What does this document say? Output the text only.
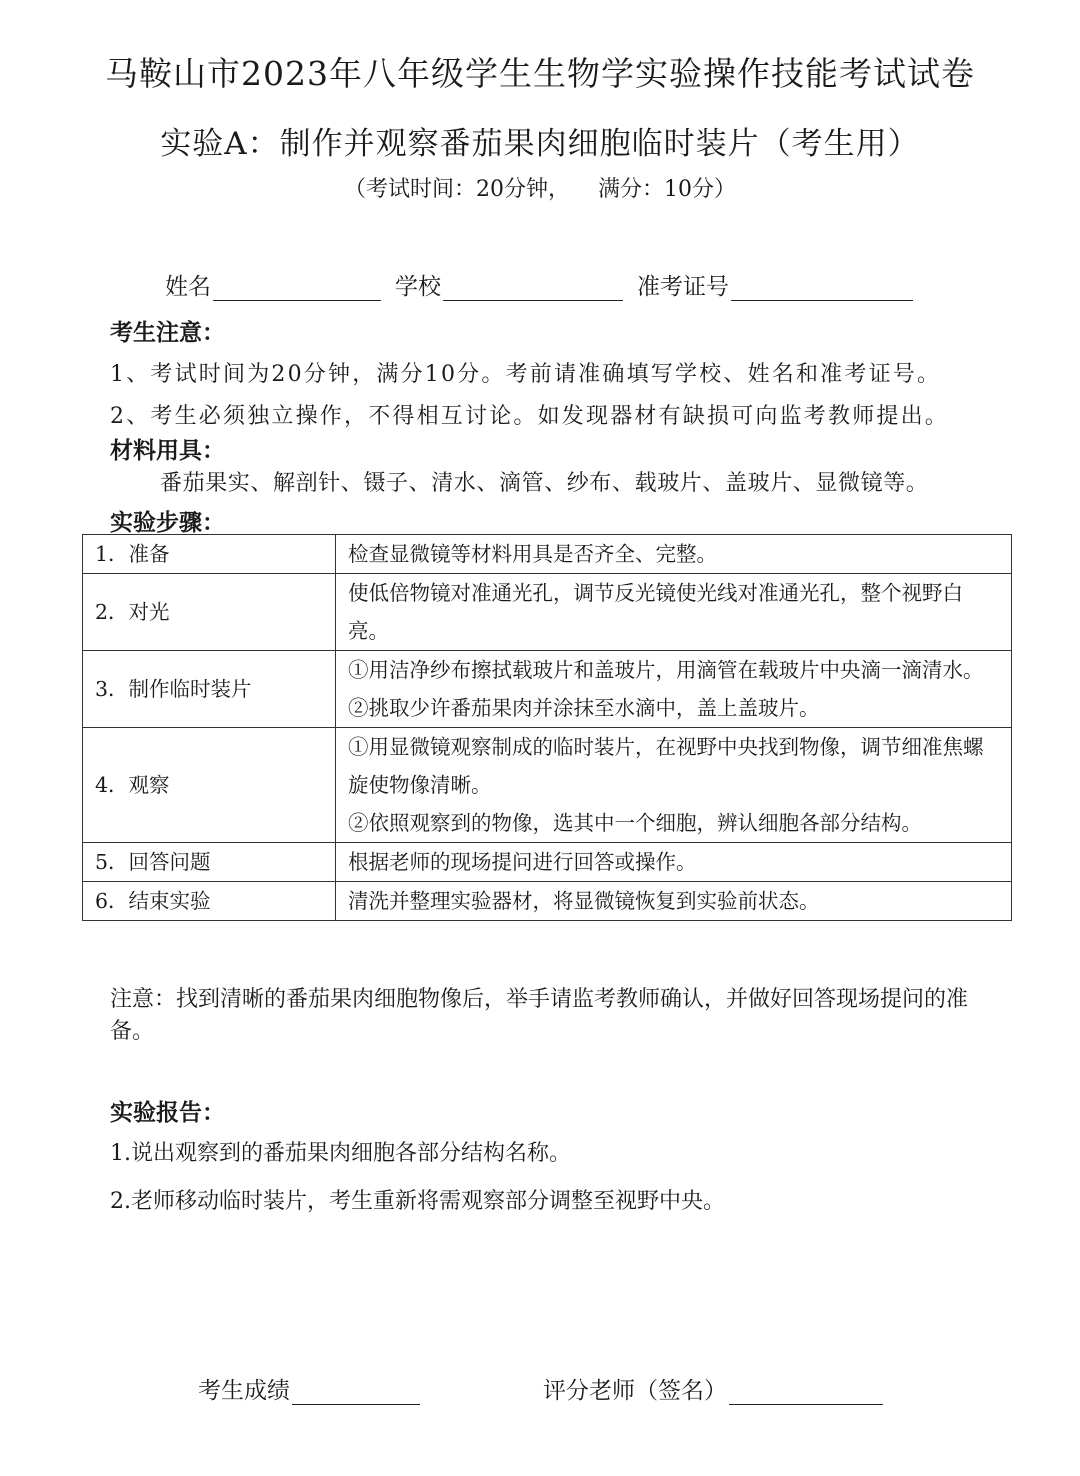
马鞍山市2023年八年级学生生物学实验操作技能考试试卷
实验A：制作并观察番茄果肉细胞临时装片（考生用）
（考试时间：20分钟，    满分：10分）
姓名	学校	准考证号
考生注意：
1、考试时间为20分钟，满分10分。考前请准确填写学校、姓名和准考证号。
2、考生必须独立操作，不得相互讨论。如发现器材有缺损可向监考教师提出。
材料用具：
番茄果实、解剖针、镊子、清水、滴管、纱布、载玻片、盖玻片、显微镜等。
实验步骤：
1．准备	检查显微镜等材料用具是否齐全、完整。

2．对光	使低倍物镜对准通光孔，调节反光镜使光线对准通光孔，整个视野白亮。

3．制作临时装片	①用洁净纱布擦拭载玻片和盖玻片，用滴管在载玻片中央滴一滴清水。

②挑取少许番茄果肉并涂抹至水滴中，盖上盖玻片。

4．观察	①用显微镜观察制成的临时装片，在视野中央找到物像，调节细准焦螺旋使物像清晰。

②依照观察到的物像，选其中一个细胞，辨认细胞各部分结构。

5．回答问题	根据老师的现场提问进行回答或操作。

6．结束实验	清洗并整理实验器材，将显微镜恢复到实验前状态。

注意：找到清晰的番茄果肉细胞物像后，举手请监考教师确认，并做好回答现场提问的准备。
实验报告：
1.说出观察到的番茄果肉细胞各部分结构名称。
2.老师移动临时装片，考生重新将需观察部分调整至视野中央。
考生成绩	评分老师（签名）
